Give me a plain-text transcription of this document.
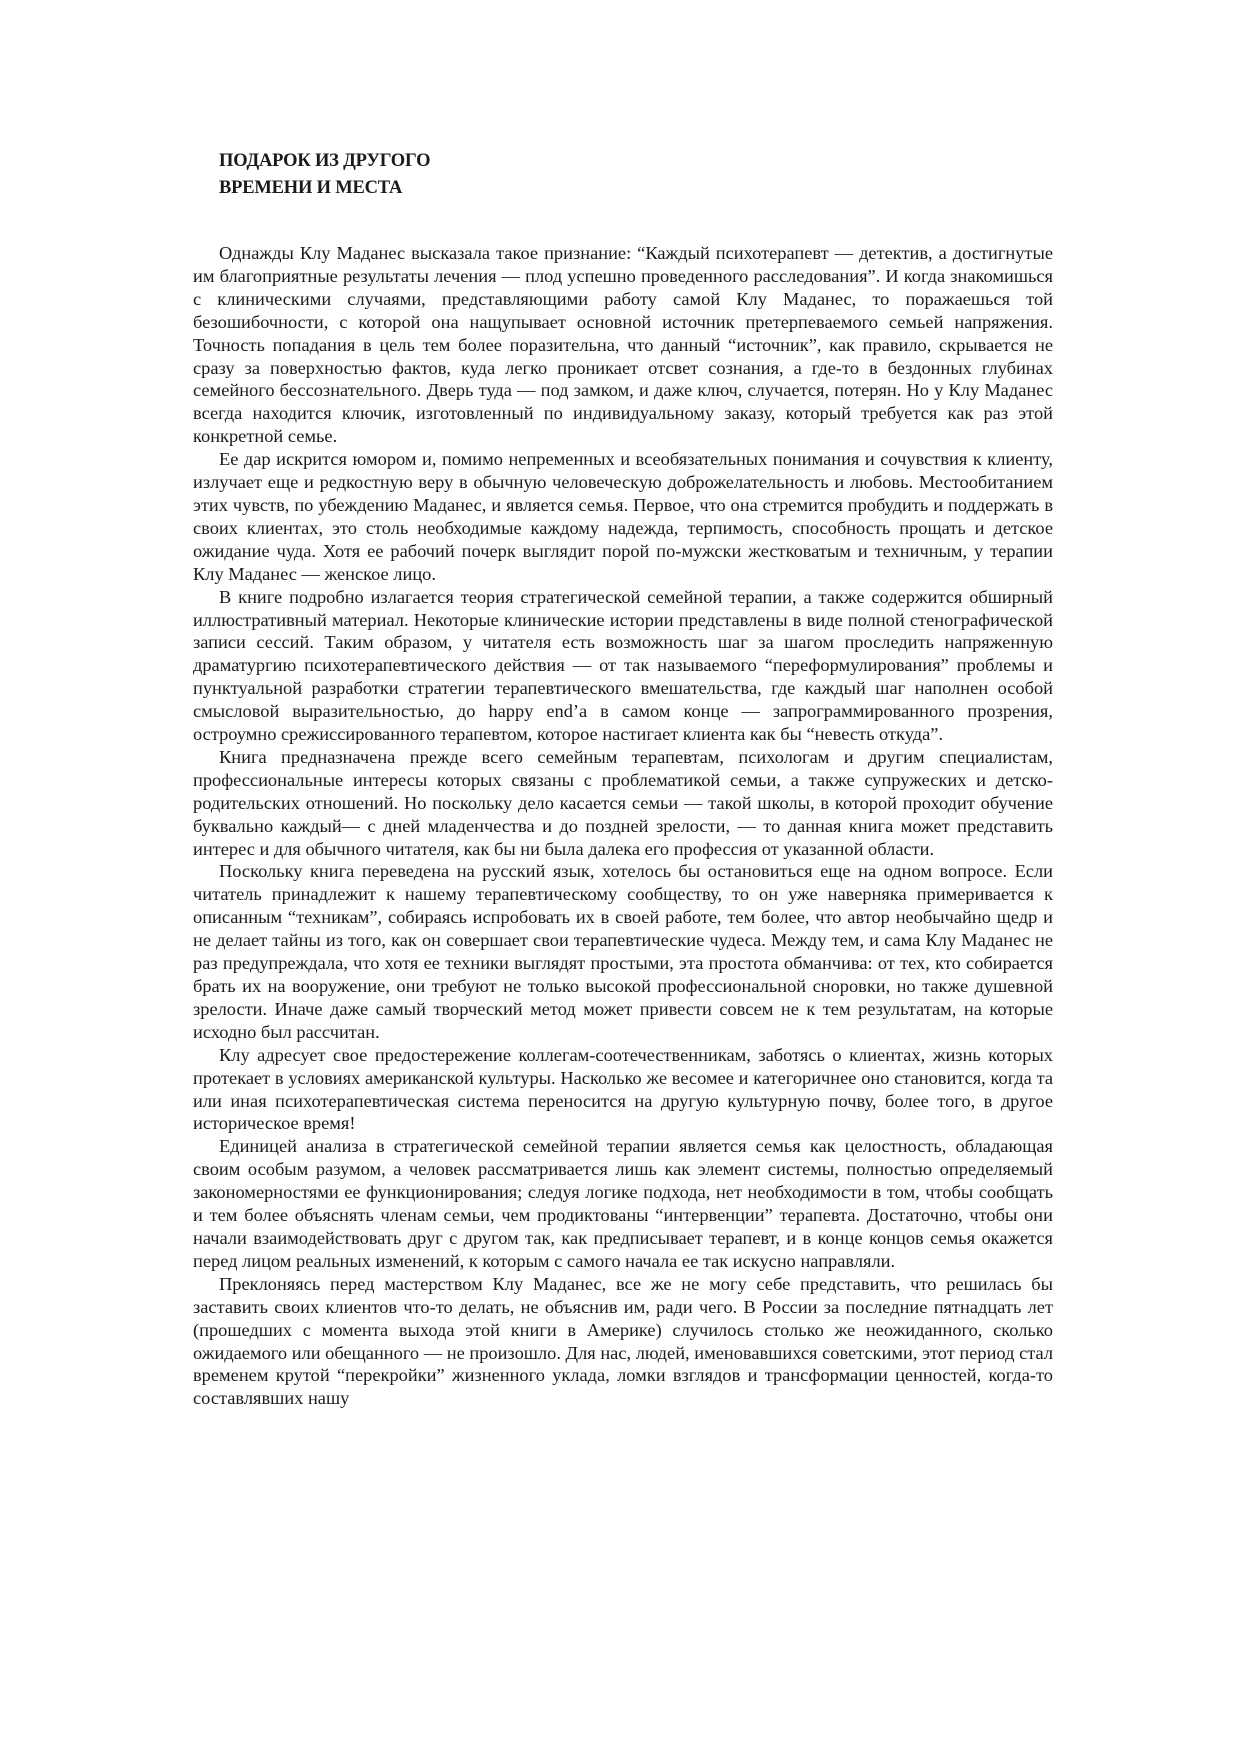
ПОДАРОК ИЗ ДРУГОГО
ВРЕМЕНИ И МЕСТА

Однажды Клу Маданес высказала такое признание: “Каждый психотерапевт — детектив, а достигнутые им благоприятные результаты лечения — плод успешно проведенного расследования”. И когда знакомишься с клиническими случаями, представляющими работу самой Клу Маданес, то поражаешься той безошибочности, с которой она нащупывает основной источник претерпеваемого семьей напряжения. Точность попадания в цель тем более поразительна, что данный “источник”, как правило, скрывается не сразу за поверхностью фактов, куда легко проникает отсвет сознания, а где-то в бездонных глубинах семейного бессознательного. Дверь туда — под замком, и даже ключ, случается, потерян. Но у Клу Маданес всегда находится ключик, изготовленный по индивидуальному заказу, который требуется как раз этой конкретной семье.

Ее дар искрится юмором и, помимо непременных и всеобязательных понимания и сочувствия к клиенту, излучает еще и редкостную веру в обычную человеческую доброжелательность и любовь. Местообитанием этих чувств, по убеждению Маданес, и является семья. Первое, что она стремится пробудить и поддержать в своих клиентах, это столь необходимые каждому надежда, терпимость, способность прощать и детское ожидание чуда. Хотя ее рабочий почерк выглядит порой по-мужски жестковатым и техничным, у терапии Клу Маданес — женское лицо.

В книге подробно излагается теория стратегической семейной терапии, а также содержится обширный иллюстративный материал. Некоторые клинические истории представлены в виде полной стенографической записи сессий. Таким образом, у читателя есть возможность шаг за шагом проследить напряженную драматургию психотерапевтического действия — от так называемого “переформулирования” проблемы и пунктуальной разработки стратегии терапевтического вмешательства, где каждый шаг наполнен особой смысловой выразительностью, до happy end’а в самом конце — запрограммированного прозрения, остроумно срежиссированного терапевтом, которое настигает клиента как бы “невесть откуда”.

Книга предназначена прежде всего семейным терапевтам, психологам и другим специалистам, профессиональные интересы которых связаны с проблематикой семьи, а также супружеских и детско-родительских отношений. Но поскольку дело касается семьи — такой школы, в которой проходит обучение буквально каждый— с дней младенчества и до поздней зрелости, — то данная книга может представить интерес и для обычного читателя, как бы ни была далека его профессия от указанной области.

Поскольку книга переведена на русский язык, хотелось бы остановиться еще на одном вопросе. Если читатель принадлежит к нашему терапевтическому сообществу, то он уже наверняка примеривается к описанным “техникам”, собираясь испробовать их в своей работе, тем более, что автор необычайно щедр и не делает тайны из того, как он совершает свои терапевтические чудеса. Между тем, и сама Клу Маданес не раз предупреждала, что хотя ее техники выглядят простыми, эта простота обманчива: от тех, кто собирается брать их на вооружение, они требуют не только высокой профессиональной сноровки, но также душевной зрелости. Иначе даже самый творческий метод может привести совсем не к тем результатам, на которые исходно был рассчитан.

Клу адресует свое предостережение коллегам-соотечественникам, заботясь о клиентах, жизнь которых протекает в условиях американской культуры. Насколько же весомее и категоричнее оно становится, когда та или иная психотерапевтическая система переносится на другую культурную почву, более того, в другое историческое время!

Единицей анализа в стратегической семейной терапии является семья как целостность, обладающая своим особым разумом, а человек рассматривается лишь как элемент системы, полностью определяемый закономерностями ее функционирования; следуя логике подхода, нет необходимости в том, чтобы сообщать и тем более объяснять членам семьи, чем продиктованы “интервенции” терапевта. Достаточно, чтобы они начали взаимодействовать друг с другом так, как предписывает терапевт, и в конце концов семья окажется перед лицом реальных изменений, к которым с самого начала ее так искусно направляли.

Преклоняясь перед мастерством Клу Маданес, все же не могу себе представить, что решилась бы заставить своих клиентов что-то делать, не объяснив им, ради чего. В России за последние пятнадцать лет (прошедших с момента выхода этой книги в Америке) случилось столько же неожиданного, сколько ожидаемого или обещанного — не произошло. Для нас, людей, именовавшихся советскими, этот период стал временем крутой “перекройки” жизненного уклада, ломки взглядов и трансформации ценностей, когда-то составлявших нашу
